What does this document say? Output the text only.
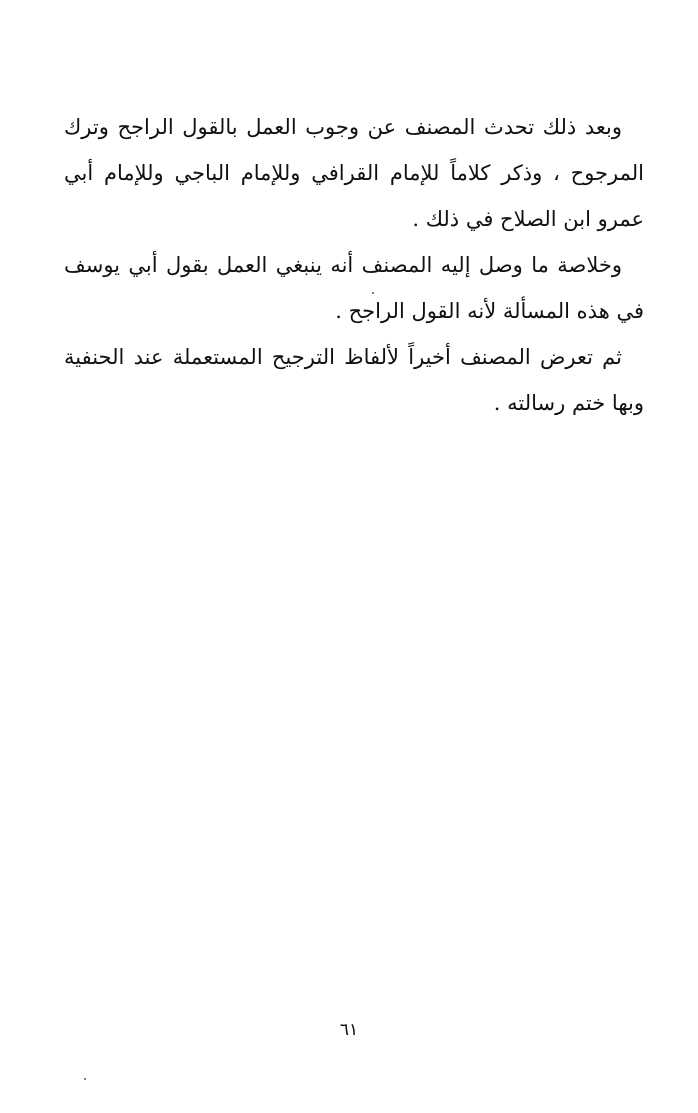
وبعد ذلك تحدث المصنف عن وجوب العمل بالقول الراجح وترك المرجوح ، وذكر كلاماً للإمام القرافي وللإمام الباجي وللإمام أبي عمرو ابن الصلاح في ذلك .

وخلاصة ما وصل إليه المصنف أنه ينبغي العمل بقول أبي يوسف في هذه المسألة لأنه القول الراجح .

ثم تعرض المصنف أخيراً لألفاظ الترجيح المستعملة عند الحنفية وبها ختم رسالته .

٦١
